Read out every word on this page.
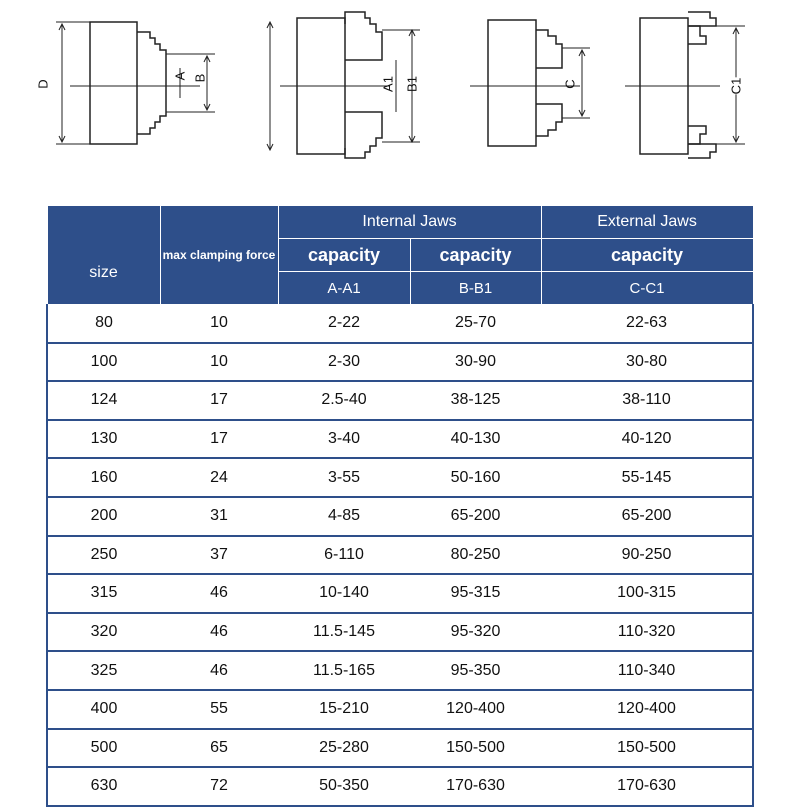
D
A B	A1 B1	C	C1
size	max clamping force	Internal Jaws		External Jaws
		capacity	capacity	capacity
		A-A1	B-B1	C-C1
80	10	2-22	25-70	22-63
100	10	2-30	30-90	30-80
124	17	2.5-40	38-125	38-110
130	17	3-40	40-130	40-120
160	24	3-55	50-160	55-145
200	31	4-85	65-200	65-200
250	37	6-110	80-250	90-250
315	46	10-140	95-315	100-315
320	46	11.5-145	95-320	110-320
325	46	11.5-165	95-350	110-340
400	55	15-210	120-400	120-400
500	65	25-280	150-500	150-500
630	72	50-350	170-630	170-630
